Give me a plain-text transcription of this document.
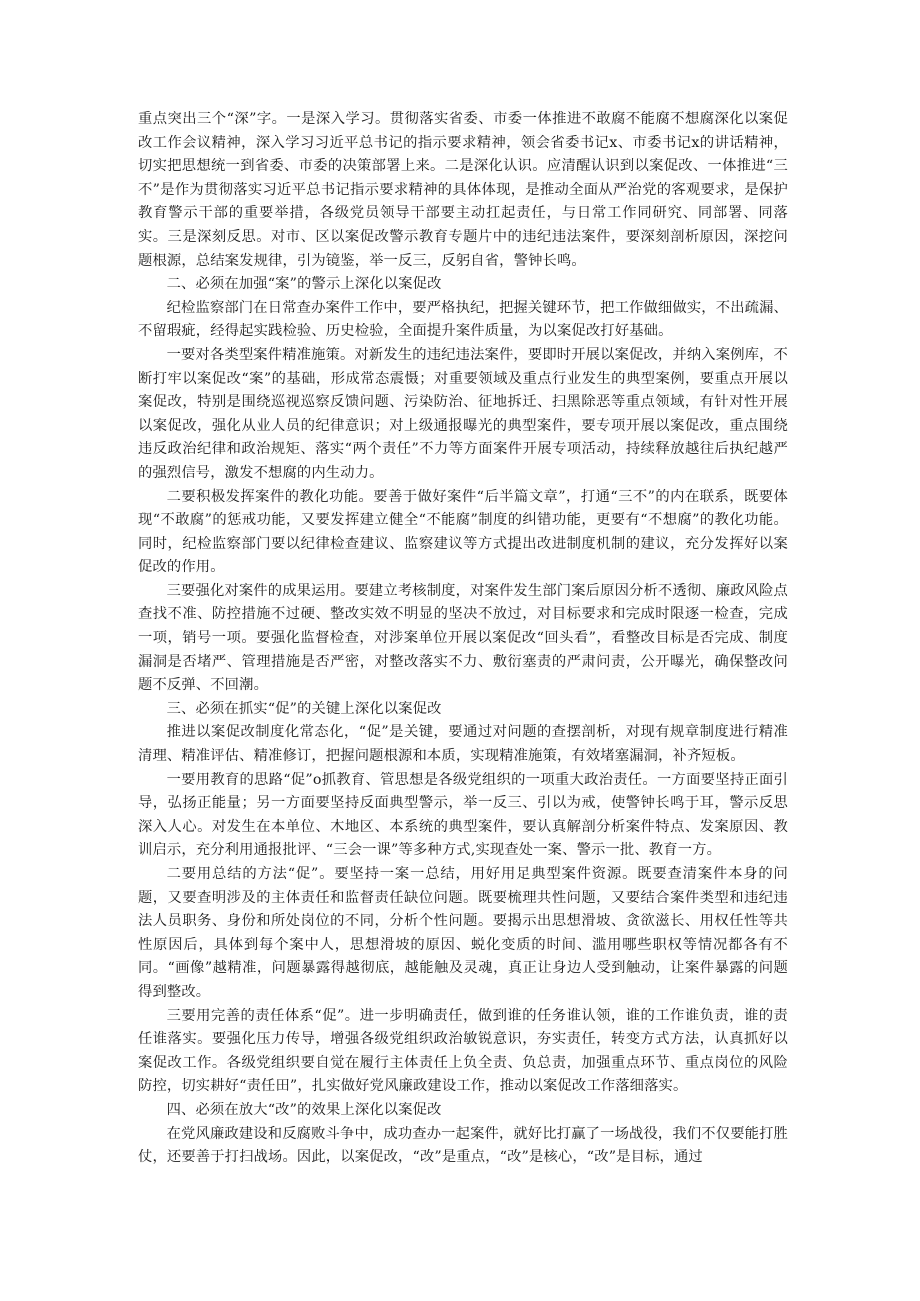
重点突出三个“深”字。一是深入学习。贯彻落实省委、市委一体推进不敢腐不能腐不想腐深化以案促改工作会议精神，深入学习习近平总书记的指示要求精神，领会省委书记x、市委书记x的讲话精神，切实把思想统一到省委、市委的决策部署上来。二是深化认识。应清醒认识到以案促改、一体推进“三不”是作为贯彻落实习近平总书记指示要求精神的具体体现，是推动全面从严治党的客观要求，是保护教育警示干部的重要举措，各级党员领导干部要主动扛起责任，与日常工作同研究、同部署、同落实。三是深刻反思。对市、区以案促改警示教育专题片中的违纪违法案件，要深刻剖析原因，深挖问题根源，总结案发规律，引为镜鉴，举一反三，反躬自省，警钟长鸣。

二、必须在加强“案”的警示上深化以案促改

纪检监察部门在日常查办案件工作中，要严格执纪，把握关键环节，把工作做细做实，不出疏漏、不留瑕疵，经得起实践检验、历史检验，全面提升案件质量，为以案促改打好基础。

一要对各类型案件精准施策。对新发生的违纪违法案件，要即时开展以案促改，并纳入案例库，不断打牢以案促改“案”的基础，形成常态震慑；对重要领域及重点行业发生的典型案例，要重点开展以案促改，特别是围绕巡视巡察反馈问题、污染防治、征地拆迁、扫黑除恶等重点领域，有针对性开展以案促改，强化从业人员的纪律意识；对上级通报曝光的典型案件，要专项开展以案促改，重点围绕违反政治纪律和政治规矩、落实“两个责任”不力等方面案件开展专项活动，持续释放越往后执纪越严的强烈信号，激发不想腐的内生动力。

二要积极发挥案件的教化功能。要善于做好案件“后半篇文章”，打通“三不”的内在联系，既要体现“不敢腐”的惩戒功能，又要发挥建立健全“不能腐”制度的纠错功能，更要有“不想腐”的教化功能。同时，纪检监察部门要以纪律检查建议、监察建议等方式提出改进制度机制的建议，充分发挥好以案促改的作用。

三要强化对案件的成果运用。要建立考核制度，对案件发生部门案后原因分析不透彻、廉政风险点查找不准、防控措施不过硬、整改实效不明显的坚决不放过，对目标要求和完成时限逐一检查，完成一项，销号一项。要强化监督检查，对涉案单位开展以案促改“回头看”，看整改目标是否完成、制度漏洞是否堵严、管理措施是否严密，对整改落实不力、敷衍塞责的严肃问责，公开曝光，确保整改问题不反弹、不回潮。

三、必须在抓实“促”的关键上深化以案促改

推进以案促改制度化常态化，“促”是关键，要通过对问题的查摆剖析，对现有规章制度进行精准清理、精准评估、精准修订，把握问题根源和本质，实现精准施策，有效堵塞漏洞，补齐短板。

一要用教育的思路“促”o抓教育、管思想是各级党组织的一项重大政治责任。一方面要坚持正面引导，弘扬正能量；另一方面要坚持反面典型警示，举一反三、引以为戒，使警钟长鸣于耳，警示反思深入人心。对发生在本单位、木地区、本系统的典型案件，要认真解剖分析案件特点、发案原因、教训启示，充分利用通报批评、“三会一课”等多种方式,实现查处一案、警示一批、教育一方。

二要用总结的方法“促”。要坚持一案一总结，用好用足典型案件资源。既要查清案件本身的问题，又要查明涉及的主体责任和监督责任缺位问题。既要梳理共性问题，又要结合案件类型和违纪违法人员职务、身份和所处岗位的不同，分析个性问题。要揭示出思想滑坡、贪欲滋长、用权任性等共性原因后，具体到每个案中人，思想滑坡的原因、蜕化变质的时间、滥用哪些职权等情况都各有不同。“画像”越精准，问题暴露得越彻底，越能触及灵魂，真正让身边人受到触动，让案件暴露的问题得到整改。

三要用完善的责任体系“促”。进一步明确责任，做到谁的任务谁认领，谁的工作谁负责，谁的责任谁落实。要强化压力传导，增强各级党组织政治敏锐意识，夯实责任，转变方式方法，认真抓好以案促改工作。各级党组织要自觉在履行主体责任上负全责、负总责，加强重点环节、重点岗位的风险防控，切实耕好“责任田”，扎实做好党风廉政建设工作，推动以案促改工作落细落实。

四、必须在放大“改”的效果上深化以案促改

在党风廉政建设和反腐败斗争中，成功查办一起案件，就好比打赢了一场战役，我们不仅要能打胜仗，还要善于打扫战场。因此，以案促改，“改”是重点，“改”是核心，“改”是目标，通过
